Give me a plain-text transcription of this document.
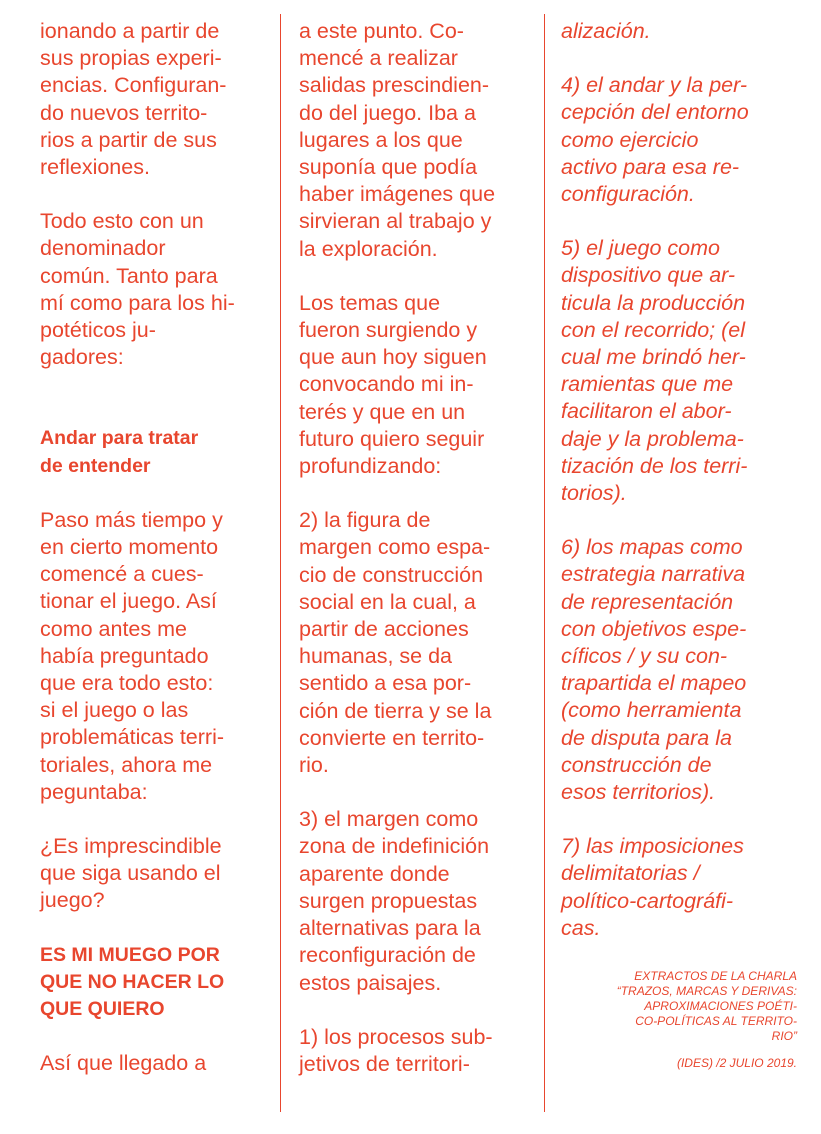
ionando a partir de
sus propias experi-
encias. Configuran-
do nuevos territo-
rios a partir de sus
reflexiones.

Todo esto con un
denominador
común. Tanto para
mí como para los hi-
potéticos ju-
gadores:

Andar para tratar
de entender

Paso más tiempo y
en cierto momento
comencé a cues-
tionar el juego. Así
como antes me
había preguntado
que era todo esto:
si el juego o las
problemáticas terri-
toriales, ahora me
peguntaba:

¿Es imprescindible
que siga usando el
juego?

ES MI MUEGO POR
QUE NO HACER LO
QUE QUIERO

Así que llegado a

a este punto. Co-
mencé a realizar
salidas prescindien-
do del juego. Iba a
lugares a los que
suponía que podía
haber imágenes que
sirvieran al trabajo y
la exploración.

Los temas que
fueron surgiendo y
que aun hoy siguen
convocando mi in-
terés y que en un
futuro quiero seguir
profundizando:

2) la figura de
margen como espa-
cio de construcción
social en la cual, a
partir de acciones
humanas, se da
sentido a esa por-
ción de tierra y se la
convierte en territo-
rio.

3) el margen como
zona de indefinición
aparente donde
surgen propuestas
alternativas para la
reconfiguración de
estos paisajes.

1) los procesos sub-
jetivos de territori-

alización.

4) el andar y la per-
cepción del entorno
como ejercicio
activo para esa re-
configuración.

5) el juego como
dispositivo que ar-
ticula la producción
con el recorrido; (el
cual me brindó her-
ramientas que me
facilitaron el abor-
daje y la problema-
tización de los terri-
torios).

6) los mapas como
estrategia narrativa
de representación
con objetivos espe-
cíficos / y su con-
trapartida el mapeo
(como herramienta
de disputa para la
construcción de
esos territorios).

7) las imposiciones
delimitatorias /
político-cartográfi-
cas.

EXTRACTOS DE LA CHARLA
“TRAZOS, MARCAS Y DERIVAS:
APROXIMACIONES POÉTI-
CO-POLÍTICAS AL TERRITO-
RIO”

(IDES) /2 JULIO 2019.
